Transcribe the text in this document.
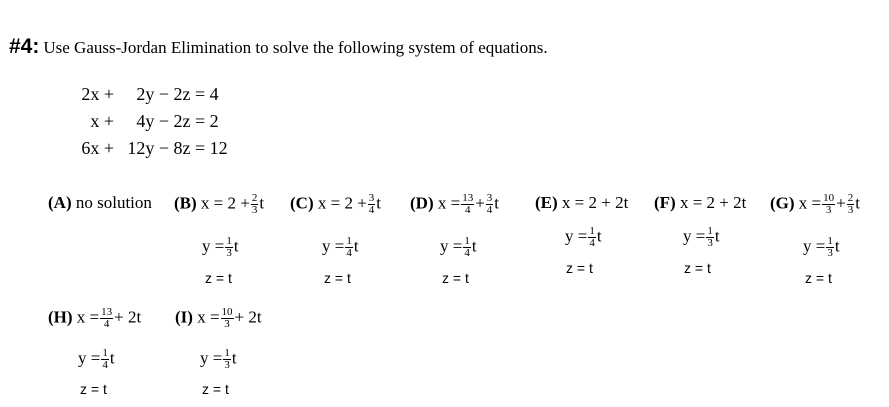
#4: Use Gauss-Jordan Elimination to solve the following system of equations.
2x + 2y − 2z = 4
x + 4y − 2z = 2
6x + 12y − 8z = 12
(A) no solution (B) $x = 2 + \frac{2}{3}$ t
$y = \frac{1}{3}$ t
z = t
(C) $x = 2 + \frac{3}{4}$ t
$y = \frac{1}{4}$ t
z = t
(D) $x = \frac{13}{4} + \frac{3}{4}$ t
$y = \frac{1}{4}$ t
z = t
(E) x = 2 + 2t
$y = \frac{1}{4}$ t
z = t
(F) x = 2 + 2t
$y = \frac{1}{3}$ t
z = t
(G) $x = \frac{10}{3} + \frac{2}{3}$ t
$y = \frac{1}{3}$ t
z = t
(H) $x = \frac{13}{4} + 2t$
$y = \frac{1}{4}$ t
z = t
(I) $x = \frac{10}{3} + 2t$
$y = \frac{1}{3}$ t
z = t
